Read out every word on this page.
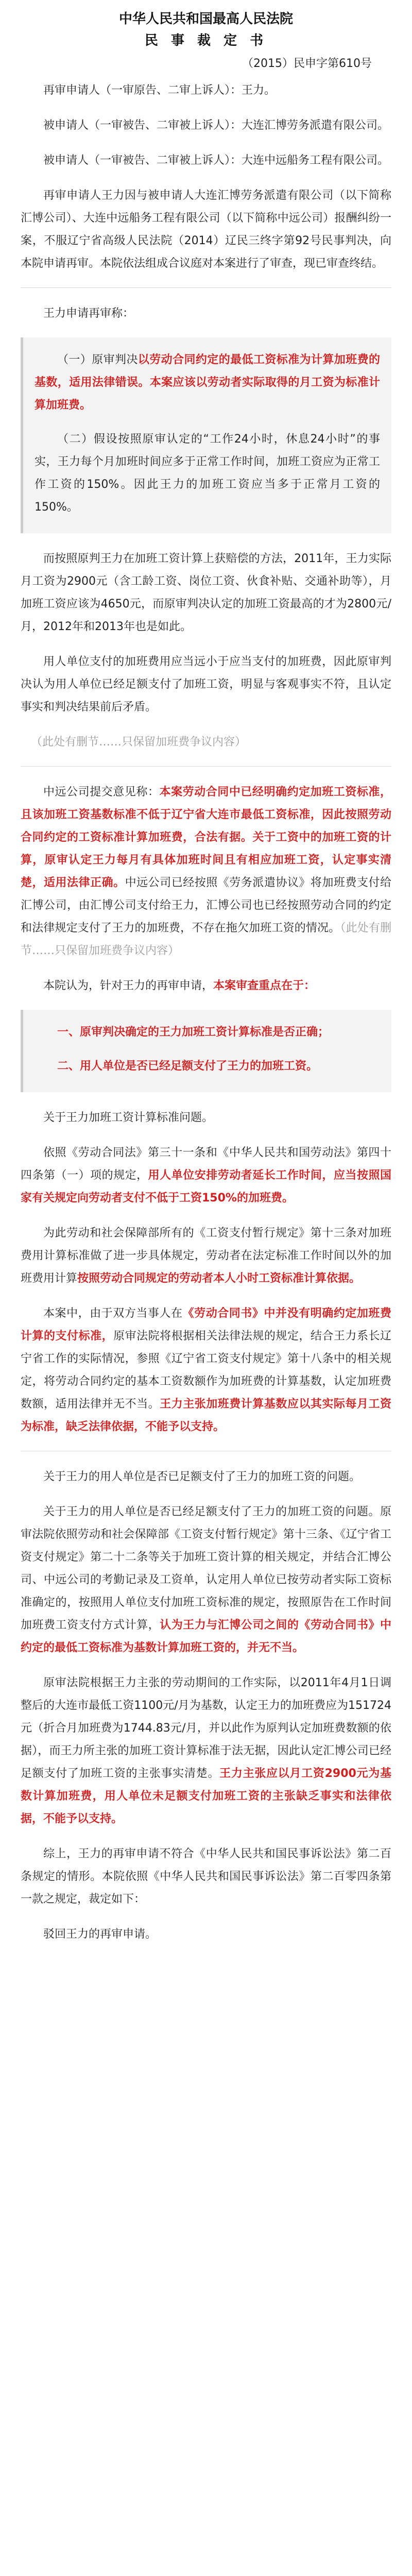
中华人民共和国最高人民法院
民 事 裁 定 书
（2015）民申字第610号

再审申请人（一审原告、二审上诉人）：王力。

被申请人（一审被告、二审被上诉人）：大连汇博劳务派遣有限公司。

被申请人（一审被告、二审被上诉人）：大连中远船务工程有限公司。

再审申请人王力因与被申请人大连汇博劳务派遣有限公司（以下简称汇博公司）、大连中远船务工程有限公司（以下简称中远公司）报酬纠纷一案，不服辽宁省高级人民法院（2014）辽民三终字第92号民事判决，向本院申请再审。本院依法组成合议庭对本案进行了审查，现已审查终结。

王力申请再审称：

（一）原审判决以劳动合同约定的最低工资标准为计算加班费的基数，适用法律错误。本案应该以劳动者实际取得的月工资为标准计算加班费。

（二）假设按照原审认定的“工作24小时，休息24小时”的事实，王力每个月加班时间应多于正常工作时间，加班工资应为正常工作工资的150%。因此王力的加班工资应当多于正常月工资的150%。

而按照原判王力在加班工资计算上获赔偿的方法，2011年，王力实际月工资为2900元（含工龄工资、岗位工资、伙食补贴、交通补助等），月加班工资应该为4650元，而原审判决认定的加班工资最高的才为2800元/月，2012年和2013年也是如此。

用人单位支付的加班费用应当远小于应当支付的加班费，因此原审判决认为用人单位已经足额支付了加班工资，明显与客观事实不符，且认定事实和判决结果前后矛盾。

（此处有删节……只保留加班费争议内容）

中远公司提交意见称：本案劳动合同中已经明确约定加班工资标准，且该加班工资基数标准不低于辽宁省大连市最低工资标准，因此按照劳动合同约定的工资标准计算加班费，合法有据。关于工资中的加班工资的计算，原审认定王力每月有具体加班时间且有相应加班工资，认定事实清楚，适用法律正确。中远公司已经按照《劳务派遣协议》将加班费支付给汇博公司，由汇博公司支付给王力，汇博公司也已经按照劳动合同的约定和法律规定支付了王力的加班费，不存在拖欠加班工资的情况。（此处有删节……只保留加班费争议内容）

本院认为，针对王力的再审申请，本案审查重点在于：

一、原审判决确定的王力加班工资计算标准是否正确；

二、用人单位是否已经足额支付了王力的加班工资。

关于王力加班工资计算标准问题。

依照《劳动合同法》第三十一条和《中华人民共和国劳动法》第四十四条第（一）项的规定，用人单位安排劳动者延长工作时间，应当按照国家有关规定向劳动者支付不低于工资150%的加班费。

为此劳动和社会保障部所有的《工资支付暂行规定》第十三条对加班费用计算标准做了进一步具体规定，劳动者在法定标准工作时间以外的加班费用计算按照劳动合同规定的劳动者本人小时工资标准计算依据。

本案中，由于双方当事人在《劳动合同书》中并没有明确约定加班费计算的支付标准，原审法院将根据相关法律法规的规定，结合王力系长辽宁省工作的实际情况，参照《辽宁省工资支付规定》第十八条中的相关规定，将劳动合同约定的基本工资数额作为加班费的计算基数，认定加班费数额，适用法律并无不当。王力主张加班费计算基数应以其实际每月工资为标准，缺乏法律依据，不能予以支持。

关于王力的用人单位是否已足额支付了王力的加班工资的问题。

关于王力的用人单位是否已经足额支付了王力的加班工资的问题。原审法院依照劳动和社会保障部《工资支付暂行规定》第十三条、《辽宁省工资支付规定》第二十二条等关于加班工资计算的相关规定，并结合汇博公司、中远公司的考勤记录及工资单，认定用人单位已按劳动者实际工资标准确定的，按照用人单位支付加班工资标准的规定，按照原告在工作时间加班费工资支付方式计算，认为王力与汇博公司之间的《劳动合同书》中约定的最低工资标准为基数计算加班工资的，并无不当。

原审法院根据王力主张的劳动期间的工作实际，以2011年4月1日调整后的大连市最低工资1100元/月为基数，认定王力的加班费应为151724元（折合月加班费为1744.83元/月，并以此作为原判认定加班费数额的依据），而王力所主张的加班工资计算标准于法无据，因此认定汇博公司已经足额支付了加班工资的主张事实清楚。王力主张应以月工资2900元为基数计算加班费，用人单位未足额支付加班工资的主张缺乏事实和法律依据，不能予以支持。

综上，王力的再审申请不符合《中华人民共和国民事诉讼法》第二百条规定的情形。本院依照《中华人民共和国民事诉讼法》第二百零四条第一款之规定，裁定如下：

驳回王力的再审申请。
